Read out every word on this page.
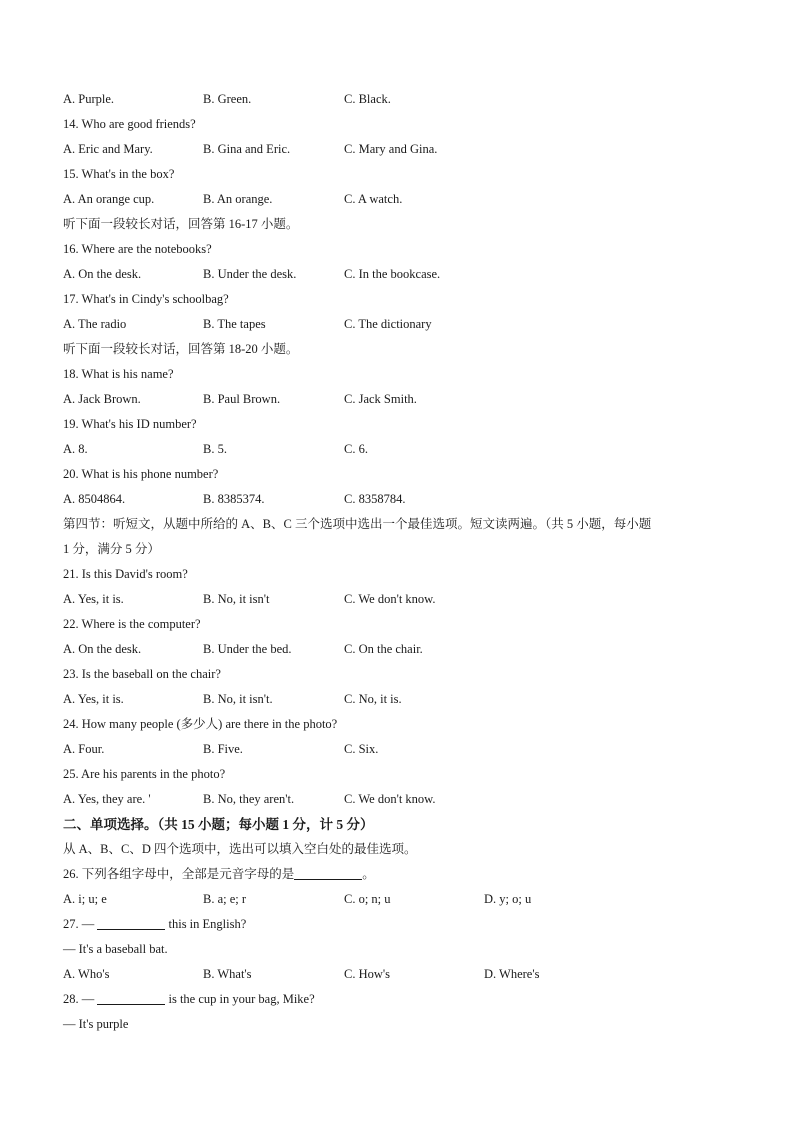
A. Purple.	B. Green.	C. Black.
14. Who are good friends?
A. Eric and Mary.	B. Gina and Eric.	C. Mary and Gina.
15. What's in the box?
A. An orange cup.	B. An orange.	C. A watch.
听下面一段较长对话，回答第 16-17 小题。
16. Where are the notebooks?
A. On the desk.	B. Under the desk.	C. In the bookcase.
17. What's in Cindy's schoolbag?
A. The radio	B. The tapes	C. The dictionary
听下面一段较长对话，回答第 18-20 小题。
18. What is his name?
A. Jack Brown.	B. Paul Brown.	C. Jack Smith.
19. What's his ID number?
A. 8.	B. 5.	C. 6.
20. What is his phone number?
A. 8504864.	B. 8385374.	C. 8358784.
第四节：听短文，从题中所给的 A、B、C 三个选项中选出一个最佳选项。短文读两遍。（共 5 小题，每小题
1 分，满分 5 分）
21. Is this David's room?
A. Yes, it is.	B. No, it isn't	C. We don't know.
22. Where is the computer?
A. On the desk.	B. Under the bed.	C. On the chair.
23. Is the baseball on the chair?
A. Yes, it is.	B. No, it isn't.	C. No, it is.
24. How many people (多少人) are there in the photo?
A. Four.	B. Five.	C. Six.
25. Are his parents in the photo?
A. Yes, they are. '	B. No, they aren't.	C. We don't know.
二、单项选择。（共 15 小题；每小题 1 分，计 5 分）
从 A、B、C、D 四个选项中，选出可以填入空白处的最佳选项。
26. 下列各组字母中，全部是元音字母的是	。
A. i; u; e	B. a; e; r	C. o; n; u	D. y; o; u
27. —	this in English?
— It's a baseball bat.
A. Who's	B. What's	C. How's	D. Where's
28. —	is the cup in your bag, Mike?
— It's purple
